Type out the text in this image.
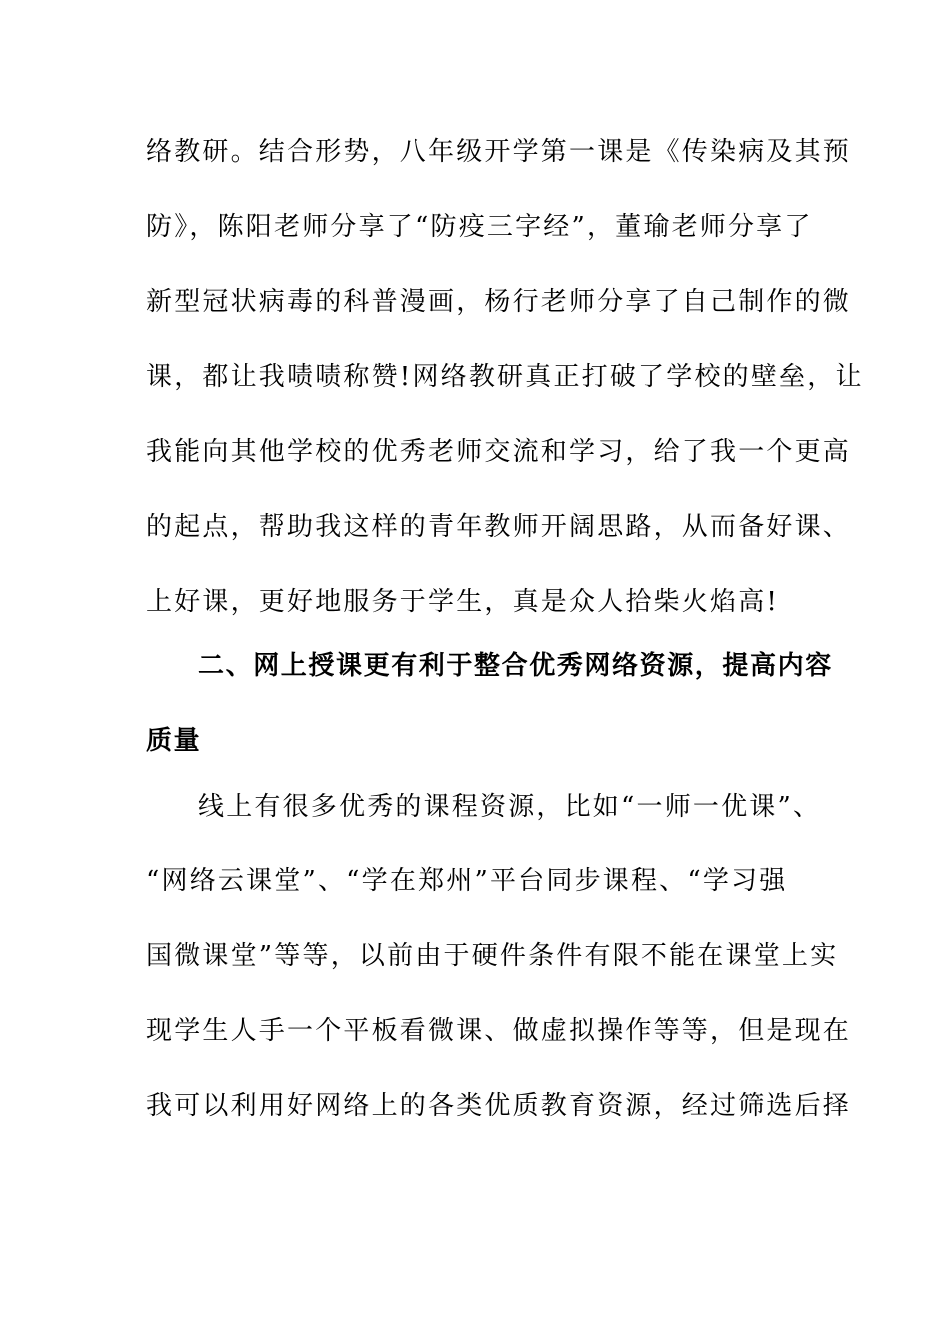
络教研。结合形势，八年级开学第一课是《传染病及其预
防》，陈阳老师分享了“防疫三字经”，董瑜老师分享了
新型冠状病毒的科普漫画，杨行老师分享了自己制作的微
课，都让我啧啧称赞!网络教研真正打破了学校的壁垒，让
我能向其他学校的优秀老师交流和学习，给了我一个更高
的起点，帮助我这样的青年教师开阔思路，从而备好课、
上好课，更好地服务于学生，真是众人拾柴火焰高!
二、网上授课更有利于整合优秀网络资源，提高内容
质量
线上有很多优秀的课程资源，比如“一师一优课”、
“网络云课堂”、“学在郑州”平台同步课程、“学习强
国微课堂”等等，以前由于硬件条件有限不能在课堂上实
现学生人手一个平板看微课、做虚拟操作等等，但是现在
我可以利用好网络上的各类优质教育资源，经过筛选后择
